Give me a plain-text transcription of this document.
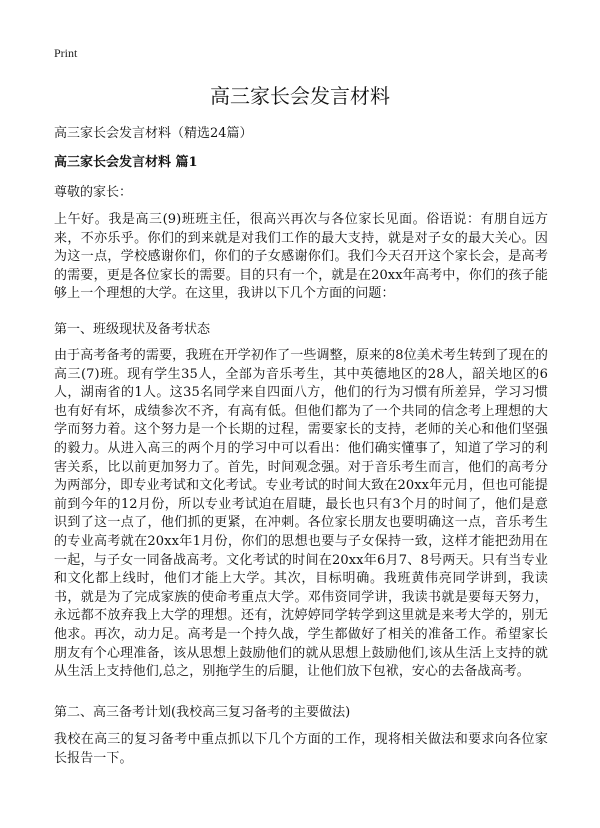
Print
高三家长会发言材料

高三家长会发言材料（精选24篇）

高三家长会发言材料 篇1

尊敬的家长：

上午好。我是高三(9)班班主任，很高兴再次与各位家长见面。俗语说：有朋自远方来，不亦乐乎。你们的到来就是对我们工作的最大支持，就是对子女的最大关心。因为这一点，学校感谢你们，你们的子女感谢你们。我们今天召开这个家长会，是高考的需要，更是各位家长的需要。目的只有一个，就是在20xx年高考中，你们的孩子能够上一个理想的大学。在这里，我讲以下几个方面的问题：

第一、班级现状及备考状态

由于高考备考的需要，我班在开学初作了一些调整，原来的8位美术考生转到了现在的高三(7)班。现有学生35人，全部为音乐考生，其中英德地区的28人，韶关地区的6人，湖南省的1人。这35名同学来自四面八方，他们的行为习惯有所差异，学习习惯也有好有坏，成绩参次不齐，有高有低。但他们都为了一个共同的信念考上理想的大学而努力着。这个努力是一个长期的过程，需要家长的支持，老师的关心和他们坚强的毅力。从进入高三的两个月的学习中可以看出：他们确实懂事了，知道了学习的利害关系，比以前更加努力了。首先，时间观念强。对于音乐考生而言，他们的高考分为两部分，即专业考试和文化考试。专业考试的时间大致在20xx年元月，但也可能提前到今年的12月份，所以专业考试迫在眉睫，最长也只有3个月的时间了，他们是意识到了这一点了，他们抓的更紧，在冲刺。各位家长朋友也要明确这一点，音乐考生的专业高考就在20xx年1月份，你们的思想也要与子女保持一致，这样才能把劲用在一起，与子女一同备战高考。文化考试的时间在20xx年6月7、8号两天。只有当专业和文化都上线时，他们才能上大学。其次，目标明确。我班黄伟亮同学讲到，我读书，就是为了完成家族的使命考重点大学。邓伟资同学讲，我读书就是要每天努力，永远都不放弃我上大学的理想。还有，沈婷婷同学转学到这里就是来考大学的，别无他求。再次，动力足。高考是一个持久战，学生都做好了相关的准备工作。希望家长朋友有个心理准备，该从思想上鼓励他们的就从思想上鼓励他们,该从生活上支持的就从生活上支持他们,总之，别拖学生的后腿，让他们放下包袱，安心的去备战高考。

第二、高三备考计划(我校高三复习备考的主要做法)

我校在高三的复习备考中重点抓以下几个方面的工作，现将相关做法和要求向各位家长报告一下。
